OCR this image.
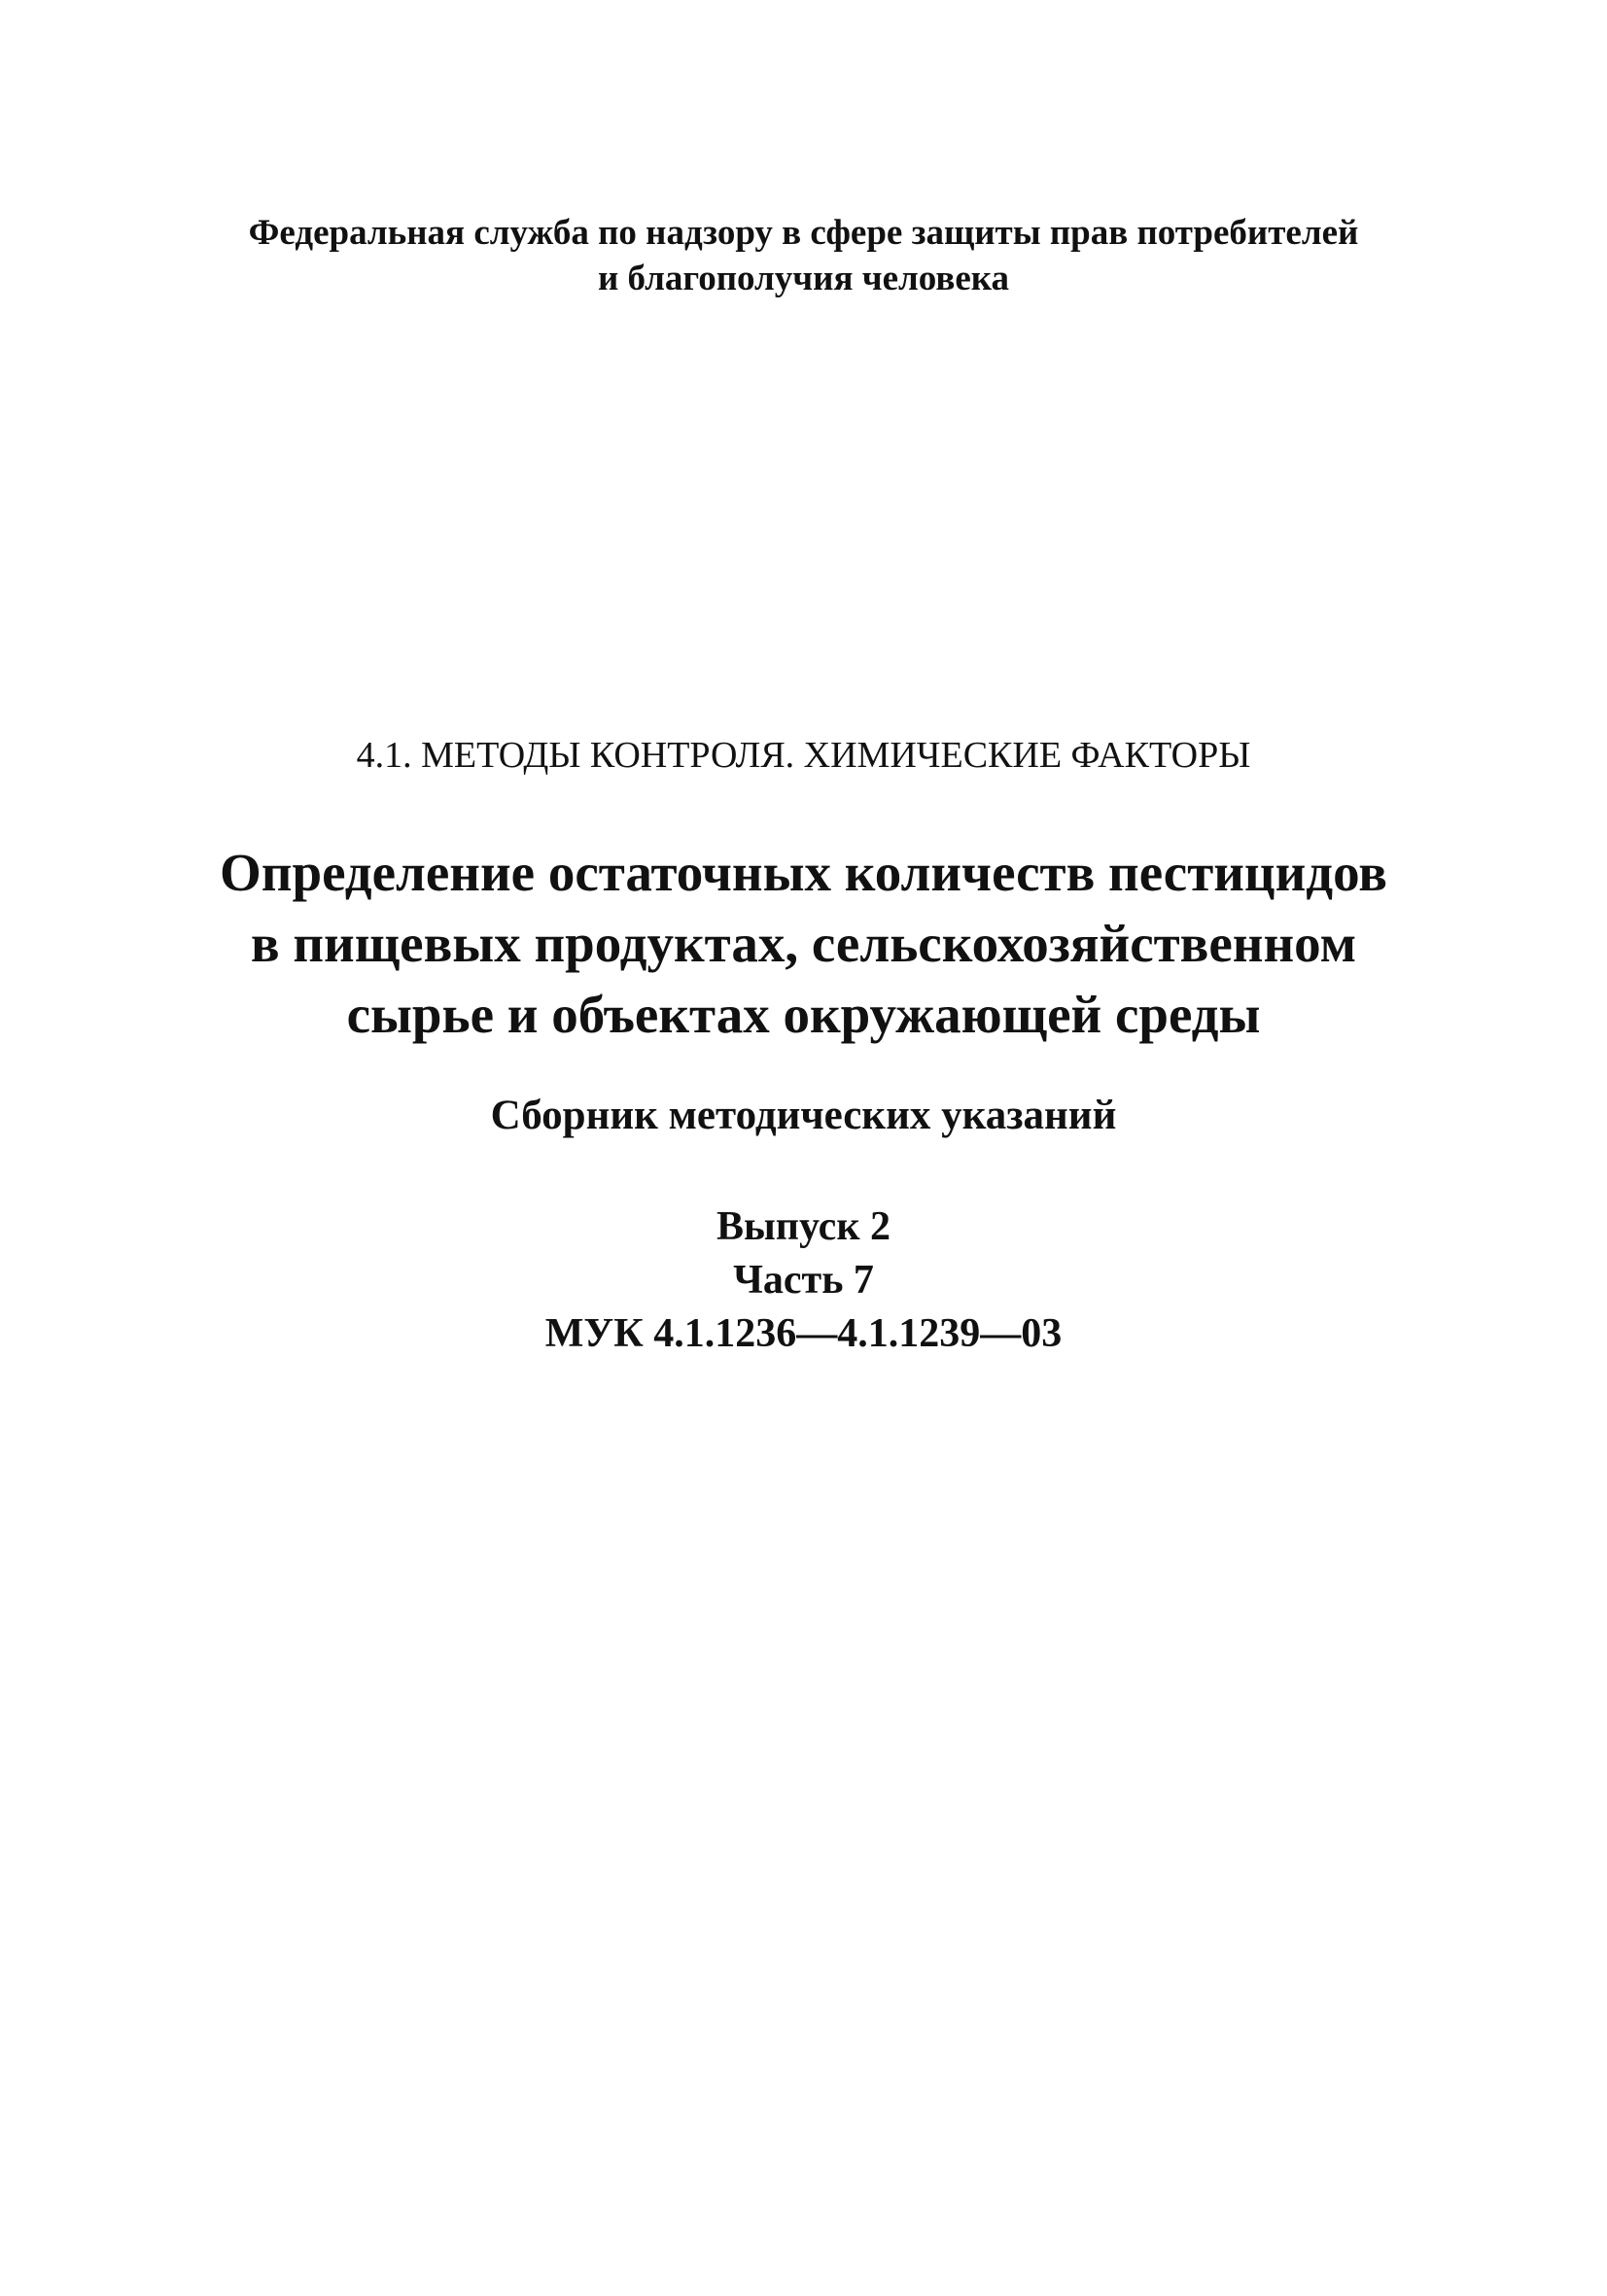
Федеральная служба по надзору в сфере защиты прав потребителей
и благополучия человека
4.1. МЕТОДЫ КОНТРОЛЯ. ХИМИЧЕСКИЕ ФАКТОРЫ
Определение остаточных количеств пестицидов
в пищевых продуктах, сельскохозяйственном
сырье и объектах окружающей среды
Сборник методических указаний
Выпуск 2
Часть 7
МУК 4.1.1236—4.1.1239—03
